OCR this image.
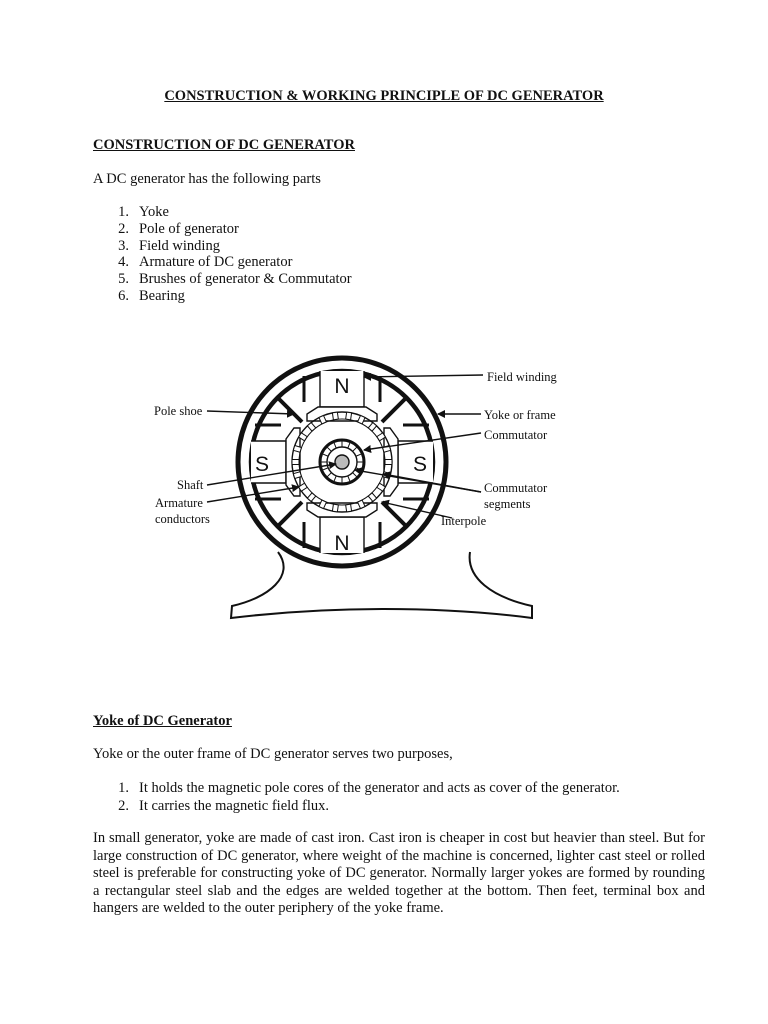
CONSTRUCTION & WORKING PRINCIPLE OF DC GENERATOR
CONSTRUCTION OF DC GENERATOR
A DC generator has the following parts
1. Yoke
2. Pole of generator
3. Field winding
4. Armature of DC generator
5. Brushes of generator & Commutator
6. Bearing
N
N
S	S
Field winding
Pole shoe	Yoke or frame
Commutator
Shaft
Armature
conductors
Commutator
segments
Interpole
Yoke of DC Generator
Yoke or the outer frame of DC generator serves two purposes,
1. It holds the magnetic pole cores of the generator and acts as cover of the generator.
2. It carries the magnetic field flux.
In small generator, yoke are made of cast iron. Cast iron is cheaper in cost but heavier than steel. But for large construction of DC generator, where weight of the machine is concerned, lighter cast steel or rolled steel is preferable for constructing yoke of DC generator. Normally larger yokes are formed by rounding a rectangular steel slab and the edges are welded together at the bottom. Then feet, terminal box and hangers are welded to the outer periphery of the yoke frame.
